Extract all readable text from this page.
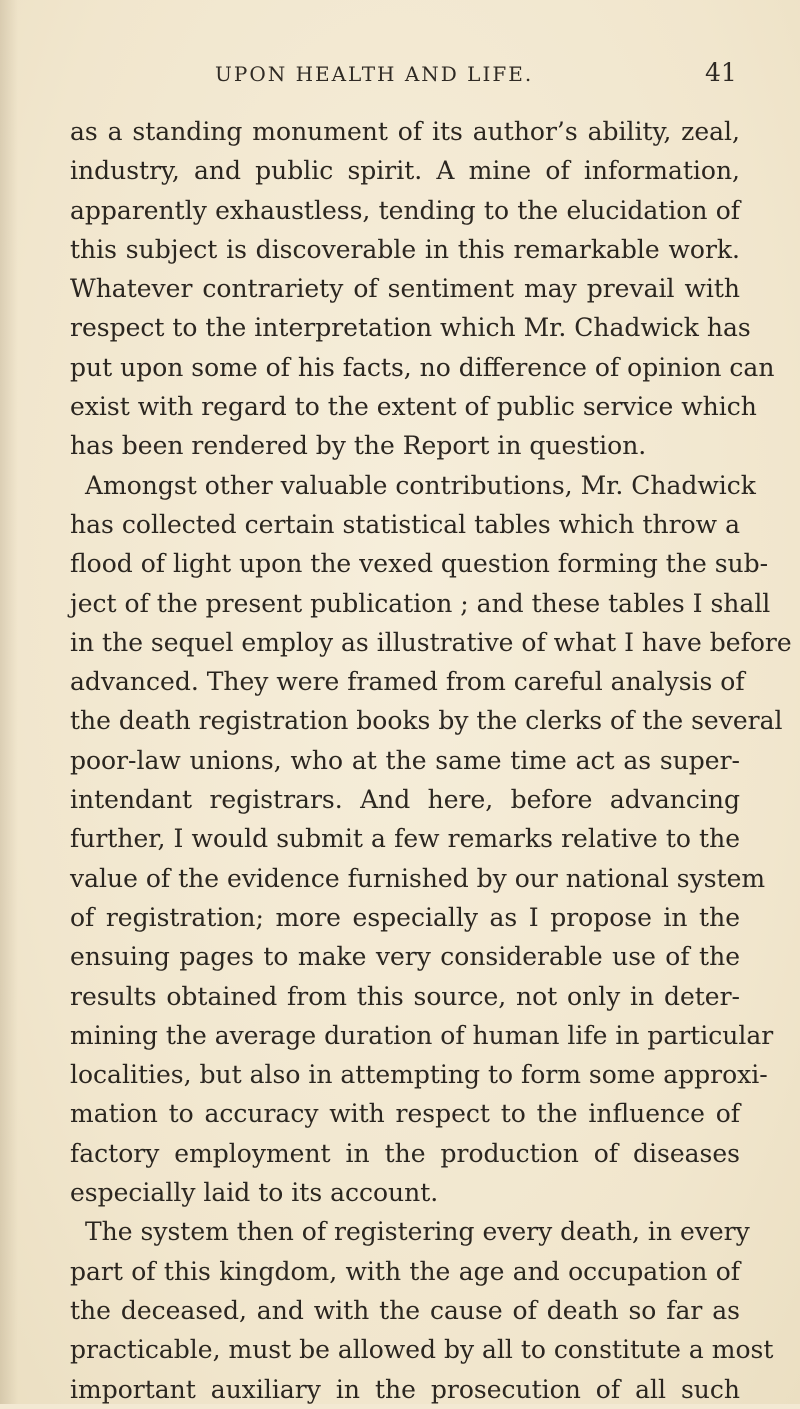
UPON HEALTH AND LIFE.	41
as a standing monument of its author’s ability, zeal,
industry, and public spirit. A mine of information,
apparently exhaustless, tending to the elucidation of
this subject is discoverable in this remarkable work.
Whatever contrariety of sentiment may prevail with
respect to the interpretation which Mr. Chadwick has
put upon some of his facts, no difference of opinion can
exist with regard to the extent of public service which
has been rendered by the Report in question.
Amongst other valuable contributions, Mr. Chadwick
has collected certain statistical tables which throw a
flood of light upon the vexed question forming the sub-
ject of the present publication ; and these tables I shall
in the sequel employ as illustrative of what I have before
advanced. They were framed from careful analysis of
the death registration books by the clerks of the several
poor-law unions, who at the same time act as super-
intendant registrars. And here, before advancing
further, I would submit a few remarks relative to the
value of the evidence furnished by our national system
of registration; more especially as I propose in the
ensuing pages to make very considerable use of the
results obtained from this source, not only in deter-
mining the average duration of human life in particular
localities, but also in attempting to form some approxi-
mation to accuracy with respect to the influence of
factory employment in the production of diseases
especially laid to its account.
The system then of registering every death, in every
part of this kingdom, with the age and occupation of
the deceased, and with the cause of death so far as
practicable, must be allowed by all to constitute a most
important auxiliary in the prosecution of all such
